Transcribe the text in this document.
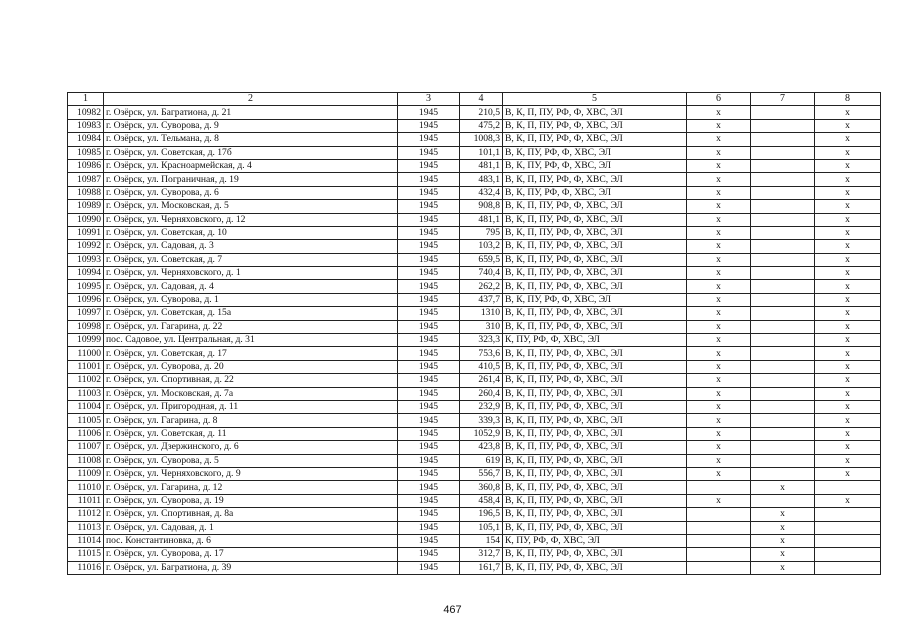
1	2	3	4	5	6	7	8
10982	г. Озёрск, ул. Багратиона, д. 21	1945	210,5	В, К, П, ПУ, РФ, Ф, ХВС, ЭЛ	x		x
10983	г. Озёрск, ул. Суворова, д. 9	1945	475,2	В, К, П, ПУ, РФ, Ф, ХВС, ЭЛ	x		x
10984	г. Озёрск, ул. Тельмана, д. 8	1945	1008,3	В, К, П, ПУ, РФ, Ф, ХВС, ЭЛ	x		x
10985	г. Озёрск, ул. Советская, д. 17б	1945	101,1	В, К, ПУ, РФ, Ф, ХВС, ЭЛ	x		x
10986	г. Озёрск, ул. Красноармейская, д. 4	1945	481,1	В, К, ПУ, РФ, Ф, ХВС, ЭЛ	x		x
10987	г. Озёрск, ул. Пограничная, д. 19	1945	483,1	В, К, П, ПУ, РФ, Ф, ХВС, ЭЛ	x		x
10988	г. Озёрск, ул. Суворова, д. 6	1945	432,4	В, К, ПУ, РФ, Ф, ХВС, ЭЛ	x		x
10989	г. Озёрск, ул. Московская, д. 5	1945	908,8	В, К, П, ПУ, РФ, Ф, ХВС, ЭЛ	x		x
10990	г. Озёрск, ул. Черняховского, д. 12	1945	481,1	В, К, П, ПУ, РФ, Ф, ХВС, ЭЛ	x		x
10991	г. Озёрск, ул. Советская, д. 10	1945	795	В, К, П, ПУ, РФ, Ф, ХВС, ЭЛ	x		x
10992	г. Озёрск, ул. Садовая, д. 3	1945	103,2	В, К, П, ПУ, РФ, Ф, ХВС, ЭЛ	x		x
10993	г. Озёрск, ул. Советская, д. 7	1945	659,5	В, К, П, ПУ, РФ, Ф, ХВС, ЭЛ	x		x
10994	г. Озёрск, ул. Черняховского, д. 1	1945	740,4	В, К, П, ПУ, РФ, Ф, ХВС, ЭЛ	x		x
10995	г. Озёрск, ул. Садовая, д. 4	1945	262,2	В, К, П, ПУ, РФ, Ф, ХВС, ЭЛ	x		x
10996	г. Озёрск, ул. Суворова, д. 1	1945	437,7	В, К, ПУ, РФ, Ф, ХВС, ЭЛ	x		x
10997	г. Озёрск, ул. Советская, д. 15а	1945	1310	В, К, П, ПУ, РФ, Ф, ХВС, ЭЛ	x		x
10998	г. Озёрск, ул. Гагарина, д. 22	1945	310	В, К, П, ПУ, РФ, Ф, ХВС, ЭЛ	x		x
10999	пос. Садовое, ул. Центральная, д. 31	1945	323,3	К, ПУ, РФ, Ф, ХВС, ЭЛ	x		x
11000	г. Озёрск, ул. Советская, д. 17	1945	753,6	В, К, П, ПУ, РФ, Ф, ХВС, ЭЛ	x		x
11001	г. Озёрск, ул. Суворова, д. 20	1945	410,5	В, К, П, ПУ, РФ, Ф, ХВС, ЭЛ	x		x
11002	г. Озёрск, ул. Спортивная, д. 22	1945	261,4	В, К, П, ПУ, РФ, Ф, ХВС, ЭЛ	x		x
11003	г. Озёрск, ул. Московская, д. 7а	1945	260,4	В, К, П, ПУ, РФ, Ф, ХВС, ЭЛ	x		x
11004	г. Озёрск, ул. Пригородная, д. 11	1945	232,9	В, К, П, ПУ, РФ, Ф, ХВС, ЭЛ	x		x
11005	г. Озёрск, ул. Гагарина, д. 8	1945	339,3	В, К, П, ПУ, РФ, Ф, ХВС, ЭЛ	x		x
11006	г. Озёрск, ул. Советская, д. 11	1945	1052,9	В, К, П, ПУ, РФ, Ф, ХВС, ЭЛ	x		x
11007	г. Озёрск, ул. Дзержинского, д. 6	1945	423,8	В, К, П, ПУ, РФ, Ф, ХВС, ЭЛ	x		x
11008	г. Озёрск, ул. Суворова, д. 5	1945	619	В, К, П, ПУ, РФ, Ф, ХВС, ЭЛ	x		x
11009	г. Озёрск, ул. Черняховского, д. 9	1945	556,7	В, К, П, ПУ, РФ, Ф, ХВС, ЭЛ	x		x
11010	г. Озёрск, ул. Гагарина, д. 12	1945	360,8	В, К, П, ПУ, РФ, Ф, ХВС, ЭЛ		x	
11011	г. Озёрск, ул. Суворова, д. 19	1945	458,4	В, К, П, ПУ, РФ, Ф, ХВС, ЭЛ	x		x
11012	г. Озёрск, ул. Спортивная, д. 8а	1945	196,5	В, К, П, ПУ, РФ, Ф, ХВС, ЭЛ		x	
11013	г. Озёрск, ул. Садовая, д. 1	1945	105,1	В, К, П, ПУ, РФ, Ф, ХВС, ЭЛ		x	
11014	пос. Константиновка, д. 6	1945	154	К, ПУ, РФ, Ф, ХВС, ЭЛ		x	
11015	г. Озёрск, ул. Суворова, д. 17	1945	312,7	В, К, П, ПУ, РФ, Ф, ХВС, ЭЛ		x	
11016	г. Озёрск, ул. Багратиона, д. 39	1945	161,7	В, К, П, ПУ, РФ, Ф, ХВС, ЭЛ		x	
467
